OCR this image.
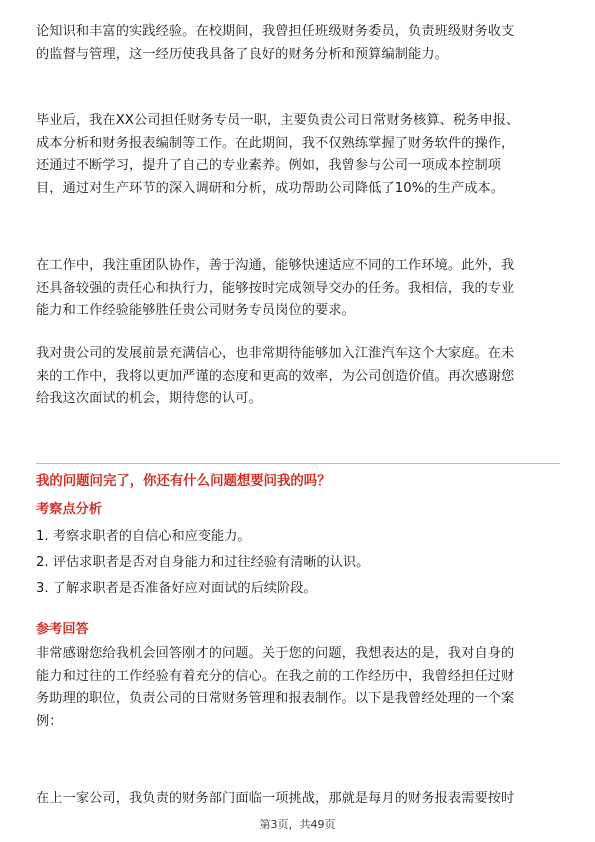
论知识和丰富的实践经验。在校期间，我曾担任班级财务委员，负责班级财务收支
的监督与管理，这一经历使我具备了良好的财务分析和预算编制能力。
毕业后，我在XX公司担任财务专员一职，主要负责公司日常财务核算、税务申报、
成本分析和财务报表编制等工作。在此期间，我不仅熟练掌握了财务软件的操作，
还通过不断学习，提升了自己的专业素养。例如，我曾参与公司一项成本控制项
目，通过对生产环节的深入调研和分析，成功帮助公司降低了10%的生产成本。
在工作中，我注重团队协作，善于沟通，能够快速适应不同的工作环境。此外，我
还具备较强的责任心和执行力，能够按时完成领导交办的任务。我相信，我的专业
能力和工作经验能够胜任贵公司财务专员岗位的要求。
我对贵公司的发展前景充满信心，也非常期待能够加入江淮汽车这个大家庭。在未
来的工作中，我将以更加严谨的态度和更高的效率，为公司创造价值。再次感谢您
给我这次面试的机会，期待您的认可。
我的问题问完了，你还有什么问题想要问我的吗？
考察点分析
1. 考察求职者的自信心和应变能力。
2. 评估求职者是否对自身能力和过往经验有清晰的认识。
3. 了解求职者是否准备好应对面试的后续阶段。
参考回答
非常感谢您给我机会回答刚才的问题。关于您的问题，我想表达的是，我对自身的
能力和过往的工作经验有着充分的信心。在我之前的工作经历中，我曾经担任过财
务助理的职位，负责公司的日常财务管理和报表制作。以下是我曾经处理的一个案
例：
在上一家公司，我负责的财务部门面临一项挑战，那就是每月的财务报表需要按时
第3页，共49页
